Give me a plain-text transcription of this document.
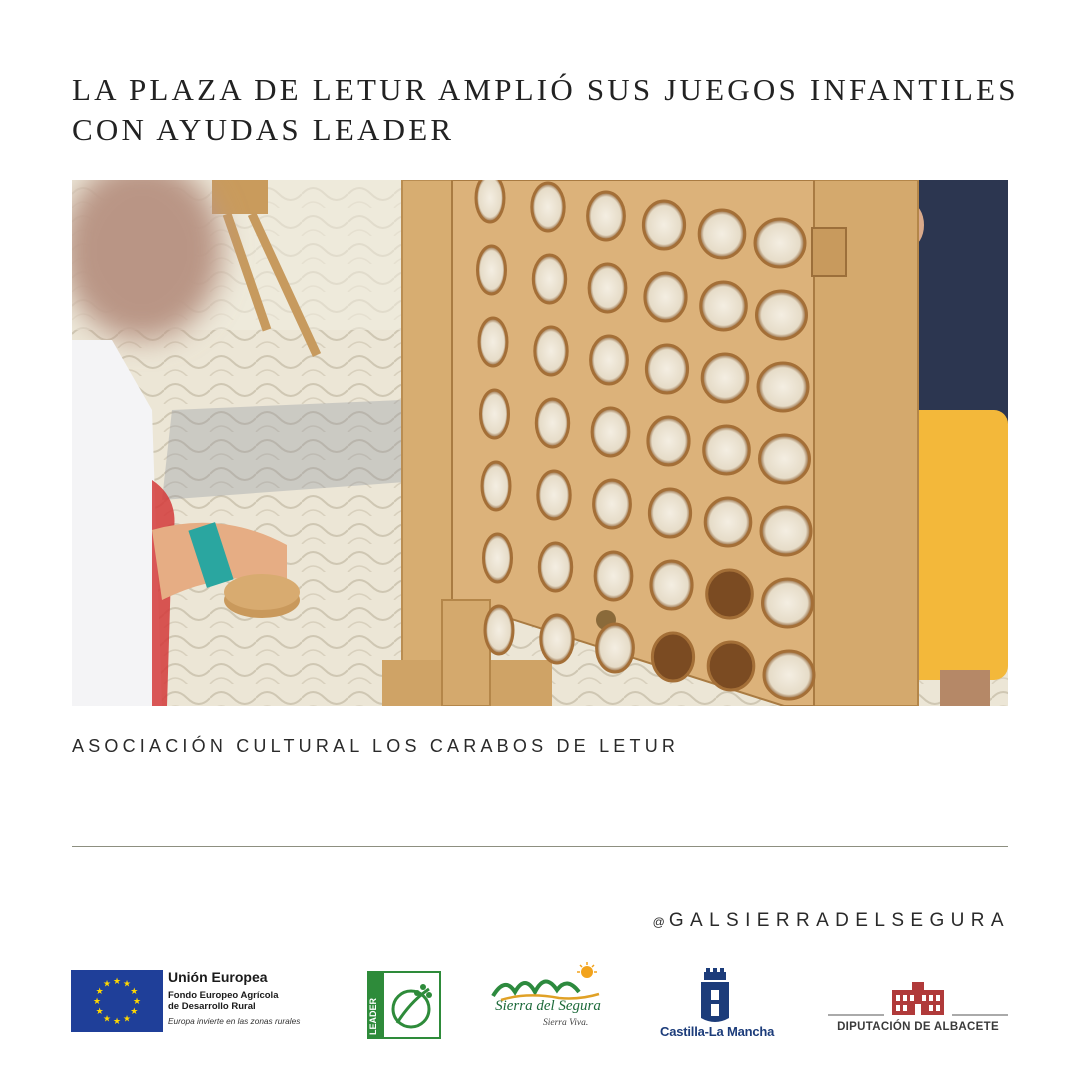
LA PLAZA DE LETUR AMPLIÓ SUS JUEGOS INFANTILES
CON AYUDAS LEADER

ASOCIACIÓN CULTURAL LOS CARABOS DE LETUR

@GALSIERRADELSEGURA
★ ★
★
★
★
★
★
★
★
★
★
★	Unión Europea
Fondo Europeo Agrícola
de Desarrollo Rural
Europa invierte en las zonas rurales	LEADER	Sierra del Segura
Sierra Viva.
Castilla-La Mancha	DIPUTACIÓN DE ALBACETE
